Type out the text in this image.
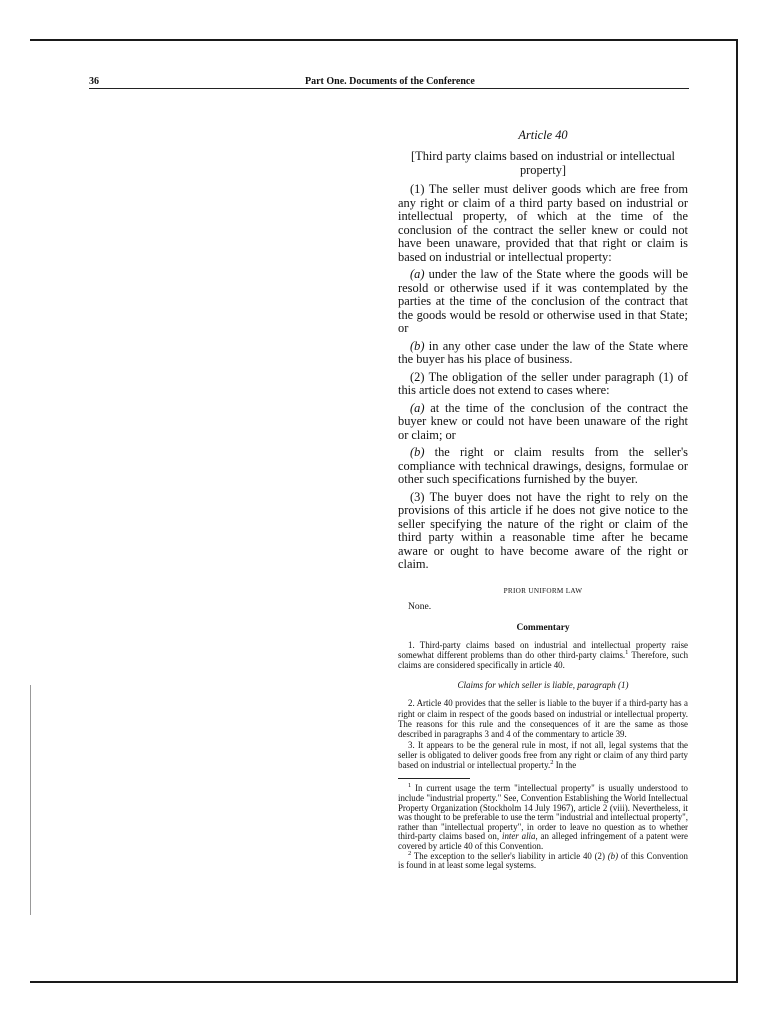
36	Part One. Documents of the Conference
Article 40
[Third party claims based on industrial or intellectual property]

(1) The seller must deliver goods which are free from any right or claim of a third party based on industrial or intellectual property, of which at the time of the conclusion of the contract the seller knew or could not have been unaware, provided that that right or claim is based on industrial or intellectual property:

(a) under the law of the State where the goods will be resold or otherwise used if it was contemplated by the parties at the time of the conclusion of the contract that the goods would be resold or otherwise used in that State; or

(b) in any other case under the law of the State where the buyer has his place of business.

(2) The obligation of the seller under paragraph (1) of this article does not extend to cases where:

(a) at the time of the conclusion of the contract the buyer knew or could not have been unaware of the right or claim; or

(b) the right or claim results from the seller's compliance with technical drawings, designs, formulae or other such specifications furnished by the buyer.

(3) The buyer does not have the right to rely on the provisions of this article if he does not give notice to the seller specifying the nature of the right or claim of the third party within a reasonable time after he became aware or ought to have become aware of the right or claim.

PRIOR UNIFORM LAW
None.
Commentary

1. Third-party claims based on industrial and intellectual property raise somewhat different problems than do other third-party claims.$^1$ Therefore, such claims are considered specifically in article 40.

Claims for which seller is liable, paragraph (1)

2. Article 40 provides that the seller is liable to the buyer if a third-party has a right or claim in respect of the goods based on industrial or intellectual property. The reasons for this rule and the consequences of it are the same as those described in paragraphs 3 and 4 of the commentary to article 39.

3. It appears to be the general rule in most, if not all, legal systems that the seller is obligated to deliver goods free from any right or claim of any third party based on industrial or intellectual property.$^2$ In the

$^1$ In current usage the term "intellectual property" is usually understood to include "industrial property." See, Convention Establishing the World Intellectual Property Organization (Stockholm 14 July 1967), article 2 (viii). Nevertheless, it was thought to be preferable to use the term "industrial and intellectual property", rather than "intellectual property", in order to leave no question as to whether third-party claims based on, inter alia, an alleged infringement of a patent were covered by article 40 of this Convention.

$^2$ The exception to the seller's liability in article 40 (2) (b) of this Convention is found in at least some legal systems.
